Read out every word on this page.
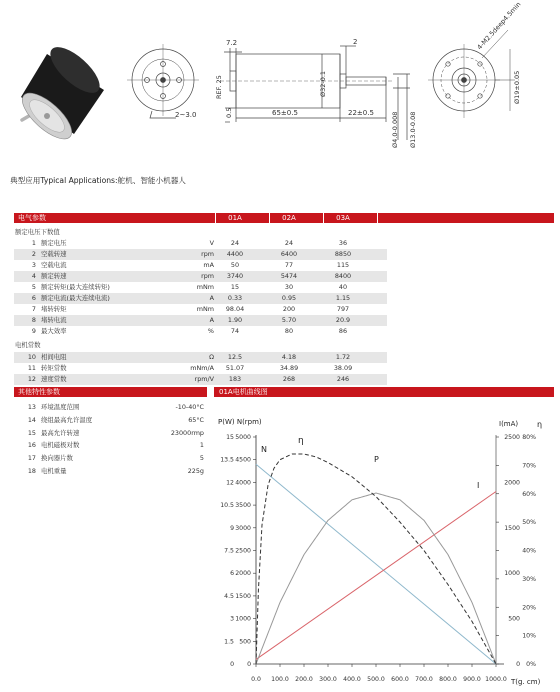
2~3.0
7.2	2
REF. 25
0.5	65±0.5	22±0.5
Ø32-0.1
Ø4.0-0.008 Ø13.0-0.08
4-M2.5deep4.5min
Ø19±0.05
典型应用Typical Applications:舵机、智能小机器人
电气参数	01A	02A	03A
额定电压下数值
1 额定电压	V	24	24	36
2 空载转速	rpm	4400	6400	8850
3 空载电流	mA	50	77	115
4 额定转速	rpm	3740	5474	8400
5 额定转矩(最大连续转矩)	mNm	15	30	40
6 额定电流(最大连续电流)	A	0.33	0.95	1.15
7 堵转转矩	mNm	98.04	200	797
8 堵转电流	A	1.90	5.70	20.9
9 最大效率	%	74	80	86
10 相间电阻	Ω	12.5	4.18	1.72
11 转矩常数	mNm/A	51.07	34.89	38.09
12 速度常数	rpm/V	183	268	246
电机常数
其他特性参数	01A电机曲线图
13 环境温度范围	-10-40°C
14 绕组最高允许温度	65°C
15 最高允许转速	23000rmp
16 电机磁极对数	1
17 换向器片数	5
18 电机重量	225g
0 0
1.5 500
3 1000
4.5 1500
6 2000
7.5 2500
9 3000
10.5 3500
12 4000
13.5 4500
15 5000
0
500
1000
1500
2000
2500
0%
10%
20%
30%
40%
50%
60%
70%
80%
0.0 100.0 200.0 300.0 400.0 500.0 600.0 700.0 800.0 900.0 1000.0
P(W) N(rpm)	I(mA) η
T(g. cm)
N
η
P
I
